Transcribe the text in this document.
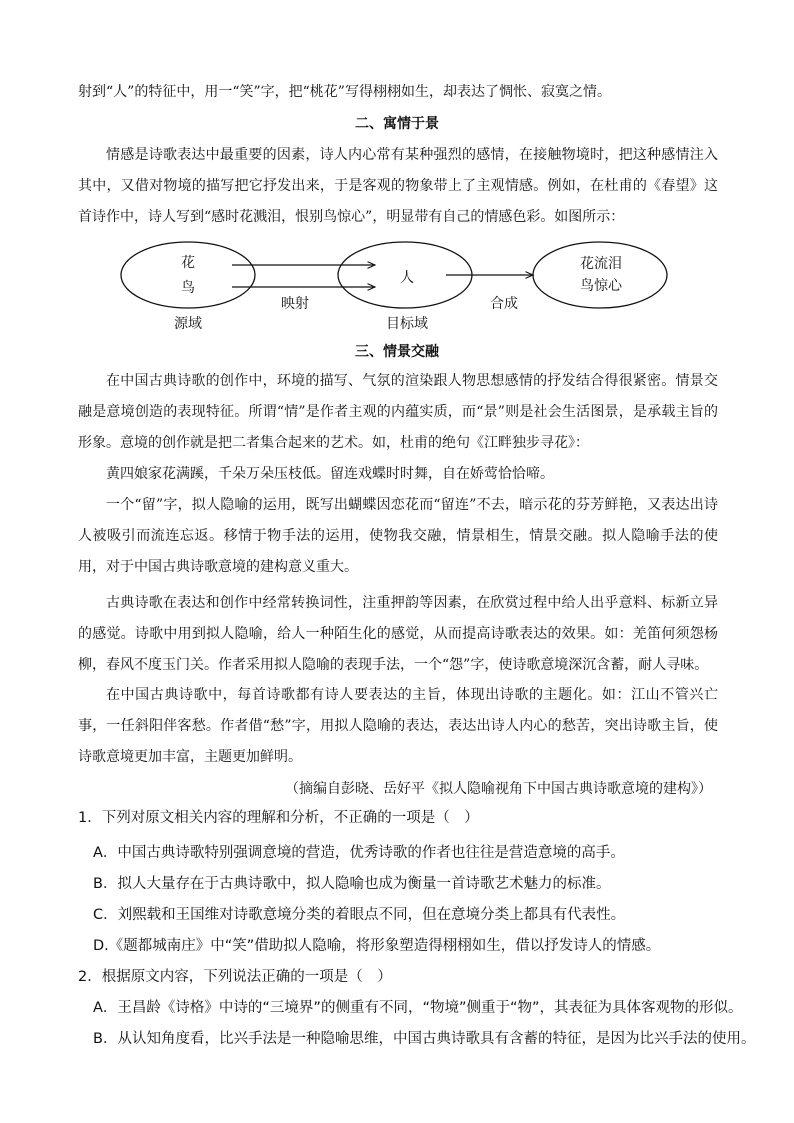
射到“人”的特征中，用一“笑”字，把“桃花”写得栩栩如生，却表达了惆怅、寂寞之情。
二、寓情于景
情感是诗歌表达中最重要的因素，诗人内心常有某种强烈的感情，在接触物境时，把这种感情注入其中，又借对物境的描写把它抒发出来，于是客观的物象带上了主观情感。例如，在杜甫的《春望》这首诗作中，诗人写到“感时花溅泪，恨别鸟惊心”，明显带有自己的情感色彩。如图所示：
花
鸟
人
花流泪
鸟惊心
映射	合成
源域	目标域
三、情景交融
在中国古典诗歌的创作中，环境的描写、气氛的渲染跟人物思想感情的抒发结合得很紧密。情景交融是意境创造的表现特征。所谓“情”是作者主观的内蕴实质，而“景”则是社会生活图景，是承载主旨的形象。意境的创作就是把二者集合起来的艺术。如，杜甫的绝句《江畔独步寻花》：
黄四娘家花满蹊，千朵万朵压枝低。留连戏蝶时时舞，自在娇莺恰恰啼。
一个“留”字，拟人隐喻的运用，既写出蝴蝶因恋花而“留连”不去，暗示花的芬芳鲜艳，又表达出诗人被吸引而流连忘返。移情于物手法的运用，使物我交融，情景相生，情景交融。拟人隐喻手法的使用，对于中国古典诗歌意境的建构意义重大。
古典诗歌在表达和创作中经常转换词性，注重押韵等因素，在欣赏过程中给人出乎意料、标新立异的感觉。诗歌中用到拟人隐喻，给人一种陌生化的感觉，从而提高诗歌表达的效果。如：羌笛何须怨杨柳，春风不度玉门关。作者采用拟人隐喻的表现手法，一个“怨”字，使诗歌意境深沉含蓄，耐人寻味。
在中国古典诗歌中，每首诗歌都有诗人要表达的主旨，体现出诗歌的主题化。如：江山不管兴亡事，一任斜阳伴客愁。作者借“愁”字，用拟人隐喻的表达，表达出诗人内心的愁苦，突出诗歌主旨，使诗歌意境更加丰富，主题更加鲜明。
（摘编自彭晓、岳好平《拟人隐喻视角下中国古典诗歌意境的建构》）
1．下列对原文相关内容的理解和分析，不正确的一项是（　）
A．中国古典诗歌特别强调意境的营造，优秀诗歌的作者也往往是营造意境的高手。
B．拟人大量存在于古典诗歌中，拟人隐喻也成为衡量一首诗歌艺术魅力的标准。
C．刘熙载和王国维对诗歌意境分类的着眼点不同，但在意境分类上都具有代表性。
D.《题都城南庄》中“笑”借助拟人隐喻，将形象塑造得栩栩如生，借以抒发诗人的情感。
2．根据原文内容，下列说法正确的一项是（　）
A．王昌龄《诗格》中诗的“三境界”的侧重有不同，“物境”侧重于“物”，其表征为具体客观物的形似。
B．从认知角度看，比兴手法是一种隐喻思维，中国古典诗歌具有含蓄的特征，是因为比兴手法的使用。
